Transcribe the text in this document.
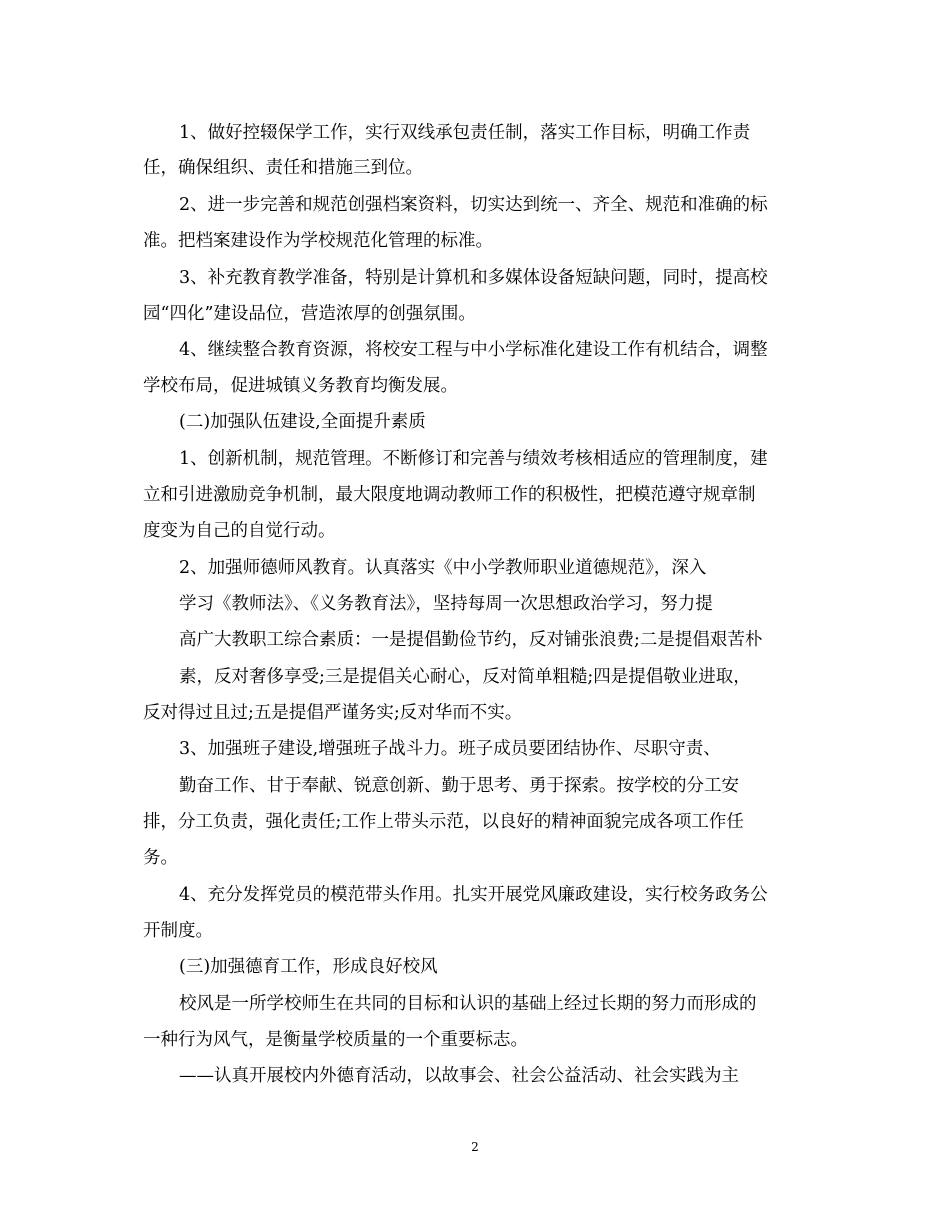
1、做好控辍保学工作，实行双线承包责任制，落实工作目标，明确工作责
任，确保组织、责任和措施三到位。
2、进一步完善和规范创强档案资料，切实达到统一、齐全、规范和准确的标
准。把档案建设作为学校规范化管理的标准。
3、补充教育教学准备，特别是计算机和多媒体设备短缺问题，同时，提高校
园“四化”建设品位，营造浓厚的创强氛围。
4、继续整合教育资源，将校安工程与中小学标准化建设工作有机结合，调整
学校布局，促进城镇义务教育均衡发展。
(二)加强队伍建设,全面提升素质
1、创新机制，规范管理。不断修订和完善与绩效考核相适应的管理制度，建
立和引进激励竞争机制，最大限度地调动教师工作的积极性，把模范遵守规章制
度变为自己的自觉行动。
2、加强师德师风教育。认真落实《中小学教师职业道德规范》，深入
学习《教师法》、《义务教育法》，坚持每周一次思想政治学习，努力提
高广大教职工综合素质：一是提倡勤俭节约，反对铺张浪费;二是提倡艰苦朴
素，反对奢侈享受;三是提倡关心耐心，反对简单粗糙;四是提倡敬业进取，
反对得过且过;五是提倡严谨务实;反对华而不实。
3、加强班子建设,增强班子战斗力。班子成员要团结协作、尽职守责、
勤奋工作、甘于奉献、锐意创新、勤于思考、勇于探索。按学校的分工安
排，分工负责，强化责任;工作上带头示范，以良好的精神面貌完成各项工作任
务。
4、充分发挥党员的模范带头作用。扎实开展党风廉政建设，实行校务政务公
开制度。
(三)加强德育工作，形成良好校风
校风是一所学校师生在共同的目标和认识的基础上经过长期的努力而形成的
一种行为风气，是衡量学校质量的一个重要标志。
——认真开展校内外德育活动，以故事会、社会公益活动、社会实践为主
2
